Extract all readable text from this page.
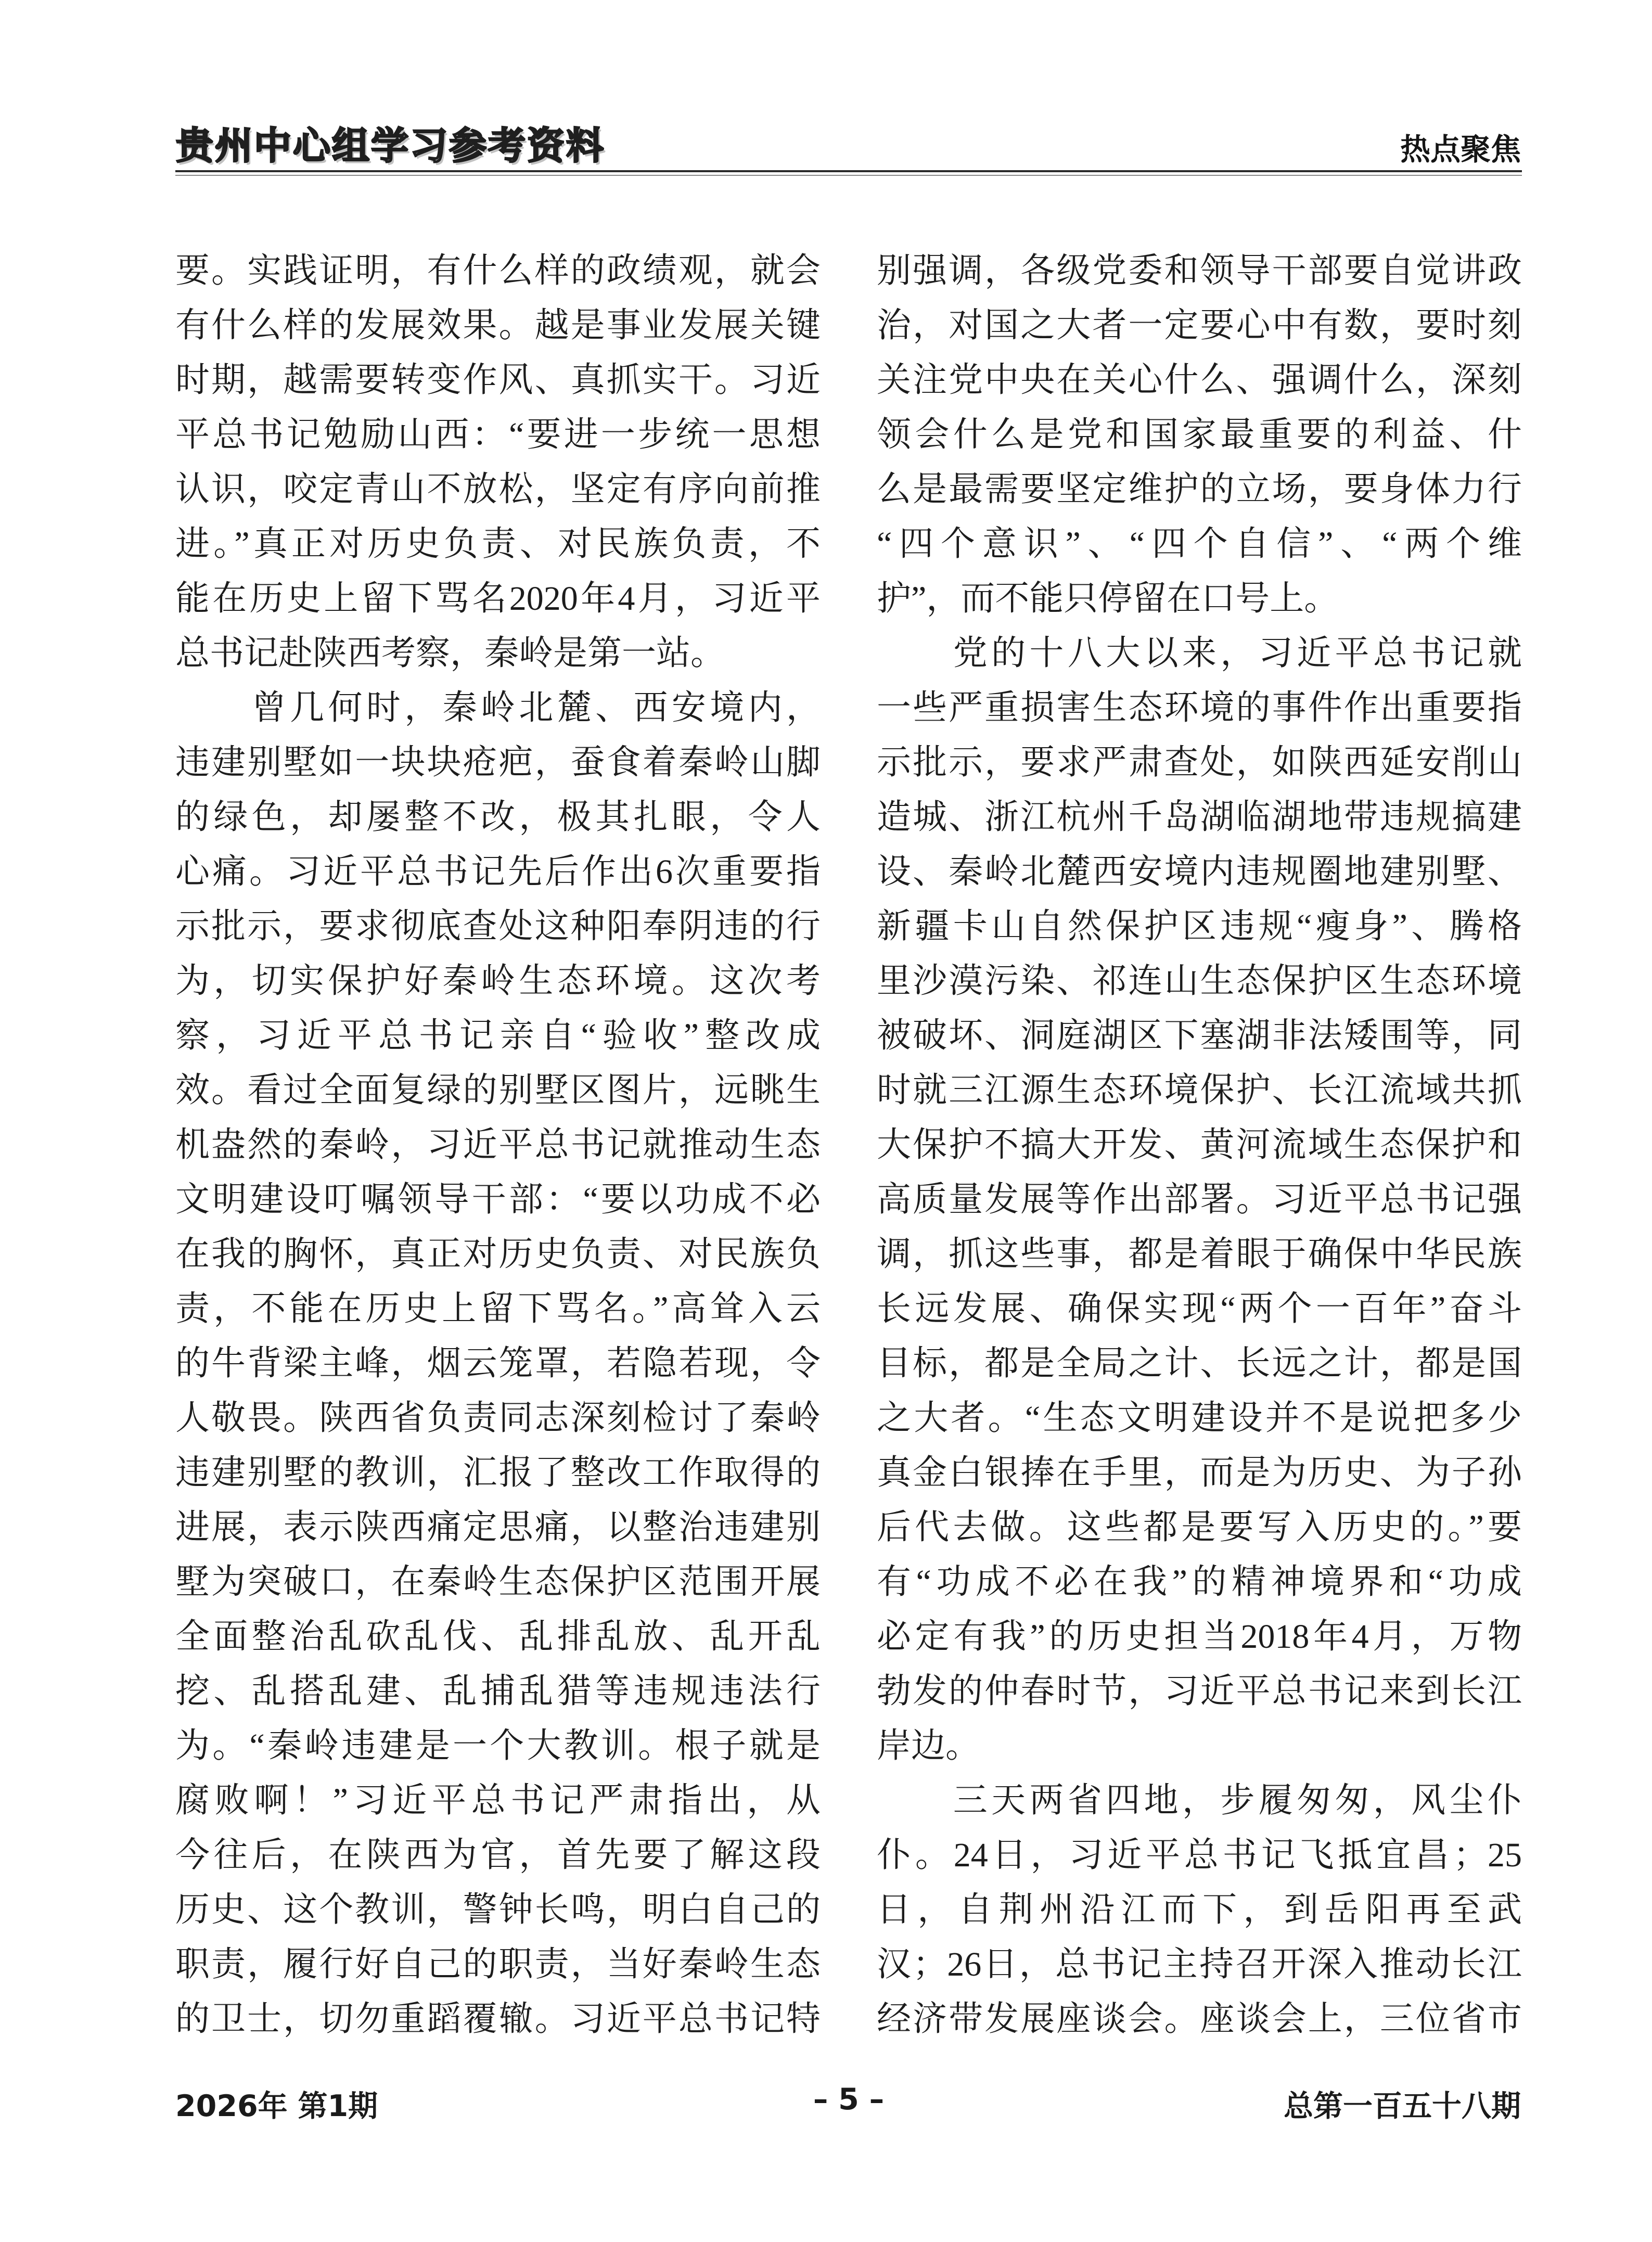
贵州中心组学习参考资料	热点聚焦
要。实践证明，有什么样的政绩观，就会
有什么样的发展效果。越是事业发展关键
时期，越需要转变作风、真抓实干。习近
平总书记勉励山西：“要进一步统一思想
认识，咬定青山不放松，坚定有序向前推
进。”真正对历史负责、对民族负责，不
能在历史上留下骂名2020年4月，习近平
总书记赴陕西考察，秦岭是第一站。
　　曾几何时，秦岭北麓、西安境内，
违建别墅如一块块疮疤，蚕食着秦岭山脚
的绿色，却屡整不改，极其扎眼，令人
心痛。习近平总书记先后作出6次重要指
示批示，要求彻底查处这种阳奉阴违的行
为，切实保护好秦岭生态环境。这次考
察，习近平总书记亲自“验收”整改成
效。看过全面复绿的别墅区图片，远眺生
机盎然的秦岭，习近平总书记就推动生态
文明建设叮嘱领导干部：“要以功成不必
在我的胸怀，真正对历史负责、对民族负
责，不能在历史上留下骂名。”高耸入云
的牛背梁主峰，烟云笼罩，若隐若现，令
人敬畏。陕西省负责同志深刻检讨了秦岭
违建别墅的教训，汇报了整改工作取得的
进展，表示陕西痛定思痛，以整治违建别
墅为突破口，在秦岭生态保护区范围开展
全面整治乱砍乱伐、乱排乱放、乱开乱
挖、乱搭乱建、乱捕乱猎等违规违法行
为。“秦岭违建是一个大教训。根子就是
腐败啊！”习近平总书记严肃指出，从
今往后，在陕西为官，首先要了解这段
历史、这个教训，警钟长鸣，明白自己的
职责，履行好自己的职责，当好秦岭生态
的卫士，切勿重蹈覆辙。习近平总书记特
别强调，各级党委和领导干部要自觉讲政
治，对国之大者一定要心中有数，要时刻
关注党中央在关心什么、强调什么，深刻
领会什么是党和国家最重要的利益、什
么是最需要坚定维护的立场，要身体力行
“四个意识”、“四个自信”、“两个维
护”，而不能只停留在口号上。
　　党的十八大以来，习近平总书记就
一些严重损害生态环境的事件作出重要指
示批示，要求严肃查处，如陕西延安削山
造城、浙江杭州千岛湖临湖地带违规搞建
设、秦岭北麓西安境内违规圈地建别墅、
新疆卡山自然保护区违规“瘦身”、腾格
里沙漠污染、祁连山生态保护区生态环境
被破坏、洞庭湖区下塞湖非法矮围等，同
时就三江源生态环境保护、长江流域共抓
大保护不搞大开发、黄河流域生态保护和
高质量发展等作出部署。习近平总书记强
调，抓这些事，都是着眼于确保中华民族
长远发展、确保实现“两个一百年”奋斗
目标，都是全局之计、长远之计，都是国
之大者。“生态文明建设并不是说把多少
真金白银捧在手里，而是为历史、为子孙
后代去做。这些都是要写入历史的。”要
有“功成不必在我”的精神境界和“功成
必定有我”的历史担当2018年4月，万物
勃发的仲春时节，习近平总书记来到长江
岸边。
　　三天两省四地，步履匆匆，风尘仆
仆。24日，习近平总书记飞抵宜昌；25
日，自荆州沿江而下，到岳阳再至武
汉；26日，总书记主持召开深入推动长江
经济带发展座谈会。座谈会上，三位省市
2026年 第1期	– 5 –	总第一百五十八期
